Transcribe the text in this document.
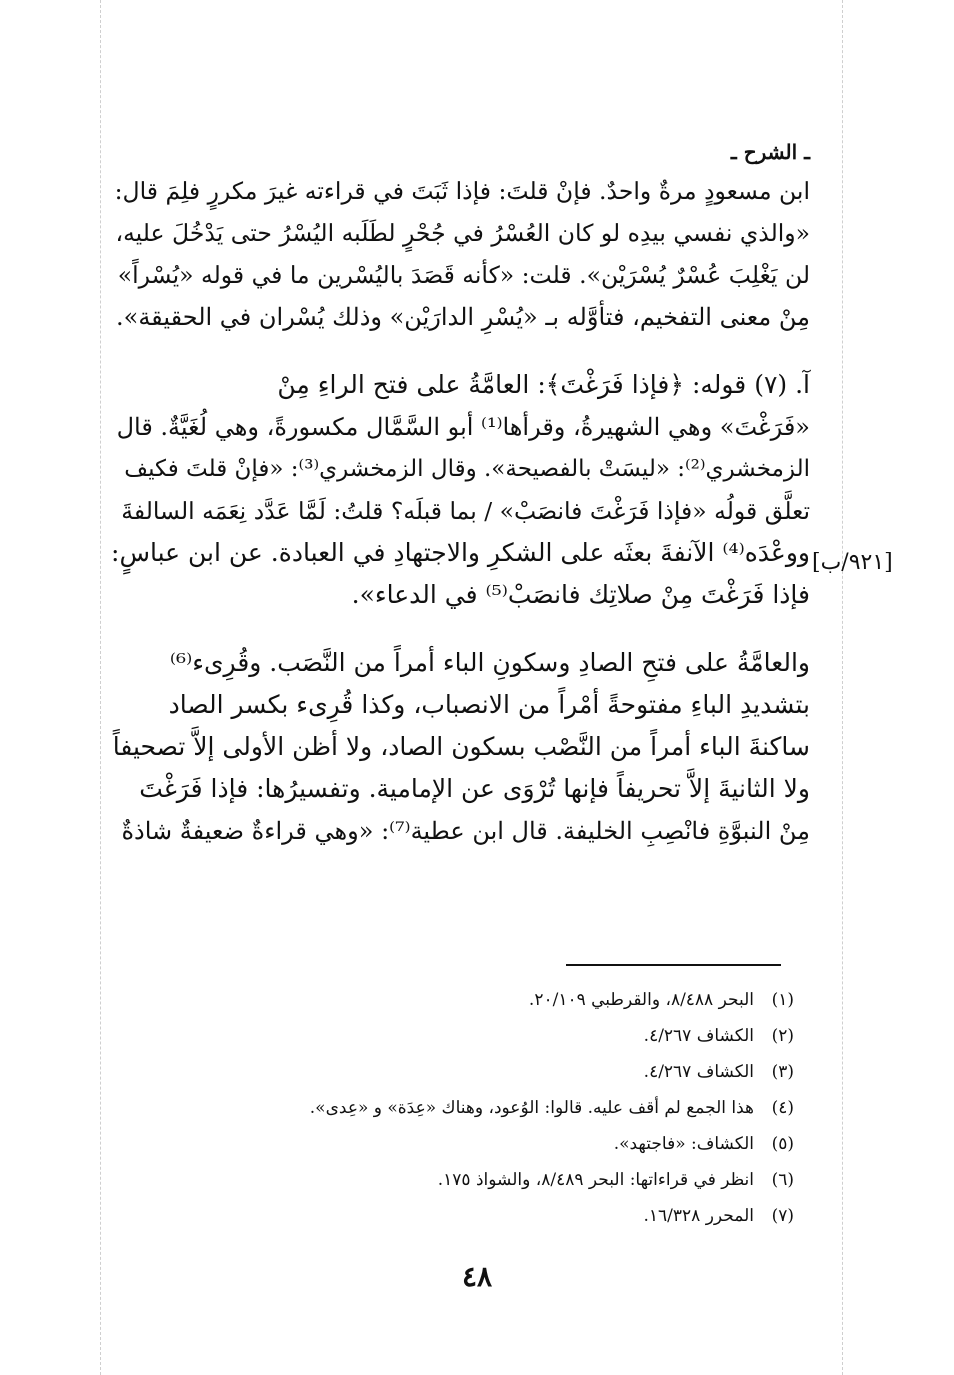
ـ الشرح ـ
ابن مسعودٍ مرةٌ واحدٌ. فإنْ قلتَ: فإذا ثَبَتَ في قراءته غيرَ مكررٍ فلِمَ قال:
«والذي نفسي بيدِه لو كان العُسْرُ في جُحْرٍ لطَلَبه اليُسْرُ حتى يَدْخُلَ عليه،
لن يَغْلِبَ عُسْرٌ يُسْرَيْن». قلت: «كأنه قَصَدَ باليُسْرين ما في قوله «يُسْراً»
مِنْ معنى التفخيم، فتأوَّله بـ «يُسْرِ الدارَيْن» وذلك يُسْران في الحقيقة».
آ. (٧) قوله: ﴿فإذا فَرَغْتَ﴾: العامَّةُ على فتح الراءِ مِنْ
«فَرَغْتَ» وهي الشهيرةُ، وقرأها⁽¹⁾ أبو السَّمَّال مكسورةً، وهي لُغَيَّةٌ. قال
الزمخشري⁽²⁾: «ليسَتْ بالفصيحة». وقال الزمخشري⁽³⁾: «فإنْ قلتَ فكيف
تعلَّق قولُه «فإذا فَرَغْتَ فانصَبْ» / بما قبلَه؟ قلتُ: لَمَّا عَدَّد نِعَمَه السالفةَ
ووعْدَه⁽⁴⁾ الآنفةَ بعثَه على الشكرِ والاجتهادِ في العبادة. عن ابن عباسٍ:
فإذا فَرَغْتَ مِنْ صلاتِك فانصَبْ⁽⁵⁾ في الدعاء».
والعامَّةُ على فتحِ الصادِ وسكونِ الباء أمراً من النَّصَب. وقُرِىء⁽⁶⁾
بتشديدِ الباءِ مفتوحةً أمْراً من الانصباب، وكذا قُرِىء بكسر الصاد
ساكنةَ الباء أمراً من النَّصْب بسكون الصاد، ولا أظن الأولى إلاَّ تصحيفاً
ولا الثانيةَ إلاَّ تحريفاً فإنها تُرْوَى عن الإمامية. وتفسيرُها: فإذا فَرَغْتَ
مِنْ النبوَّةِ فانْصِبِ الخليفة. قال ابن عطية⁽⁷⁾: «وهي قراءةٌ ضعيفةٌ شاذةٌ
[٩٢١/ب]
(١)
البحر ٨/٤٨٨، والقرطبي ٢٠/١٠٩.
(٢)
الكشاف ٤/٢٦٧.
(٣)
الكشاف ٤/٢٦٧.
(٤)
هذا الجمع لم أقف عليه. قالوا: الوُعود، وهناك «عِدَة» و «عِدى».
(٥)
الكشاف: «فاجتهد».
(٦)
انظر في قراءاتها: البحر ٨/٤٨٩، والشواذ ١٧٥.
(٧)
المحرر ١٦/٣٢٨.
٤٨
